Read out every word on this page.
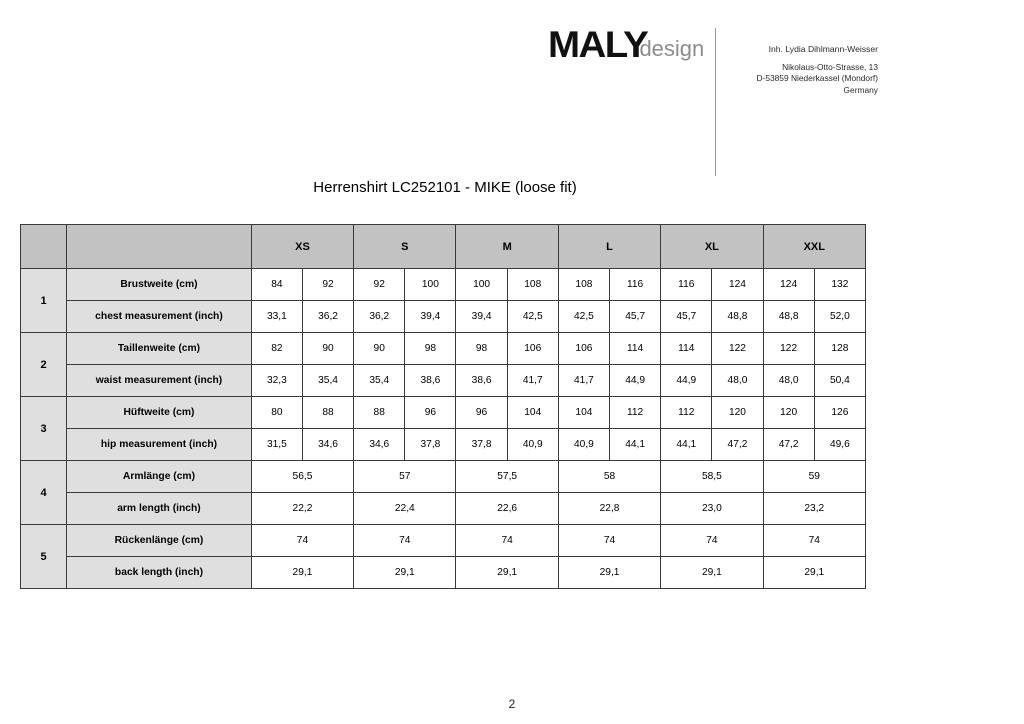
MALYdesign	Inh. Lydia Dihlmann-Weisser
Nikolaus-Otto-Strasse, 13
D-53859 Niederkassel (Mondorf)
Germany
Herrenshirt LC252101 - MIKE (loose fit)
		XS		S		M		L		XL		XXL	
1	Brustweite (cm)	84	92	92	100	100	108	108	116	116	124	124	132
	chest measurement (inch)	33,1	36,2	36,2	39,4	39,4	42,5	42,5	45,7	45,7	48,8	48,8	52,0
2	Taillenweite (cm)	82	90	90	98	98	106	106	114	114	122	122	128
	waist measurement (inch)	32,3	35,4	35,4	38,6	38,6	41,7	41,7	44,9	44,9	48,0	48,0	50,4
3	Hüftweite (cm)	80	88	88	96	96	104	104	112	112	120	120	126
	hip measurement (inch)	31,5	34,6	34,6	37,8	37,8	40,9	40,9	44,1	44,1	47,2	47,2	49,6
4	Armlänge (cm)	56,5		57		57,5		58		58,5		59	
	arm length (inch)	22,2		22,4		22,6		22,8		23,0		23,2	
5	Rückenlänge (cm)	74		74		74		74		74		74	
	back length (inch)	29,1		29,1		29,1		29,1		29,1		29,1	
2
